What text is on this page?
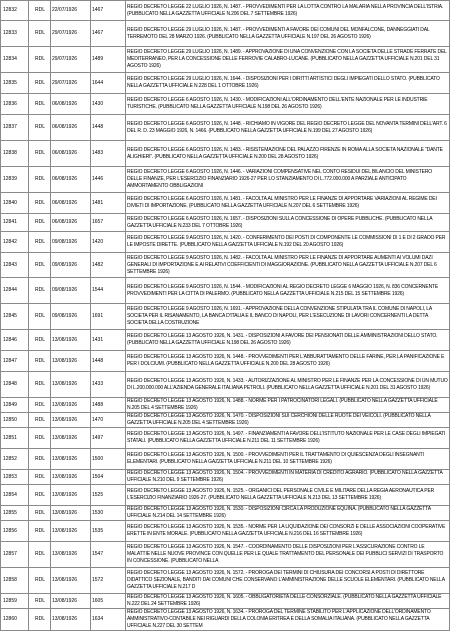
12832	RDL	22/07/1926	1467	REGIO DECRETO LEGGE 22 LUGLIO 1926, N. 1487. - PROVVEDIMENTI PER LA LOTTA CONTRO LA MALARIA NELLA PROVINCIA DELL'ISTRIA. (PUBBLICATO NELLA GAZZETTA UFFICIALE N.206 DEL 7 SETTEMBRE 1926)
12833	RDL	29/07/1926	1467	REGIO DECRETO LEGGE 29 LUGLIO 1926, N. 1487. - PROVVEDIMENTI A FAVORE DEI COMUNI DEL MONFALCONE, DANNEGGIATI DAL TERREMOTO DEL 28 MARZO 1926. (PUBBLICATO NELLA GAZZETTA UFFICIALE N.197 DEL 26 AGOSTO 1926)
12834	RDL	29/07/1926	1489	REGIO DECRETO LEGGE 29 LUGLIO 1926, N. 1489. - APPROVAZIONE DI UNA CONVENZIONE CON LA SOCIETA DELLE STRADE FERRATE DEL MEDITERRANEO, PER LA CONCESSIONE DELLE FERROVIE CALABRO-LUCANE. (PUBBLICATO NELLA GAZZETTA UFFICIALE N.201 DEL 31 AGOSTO 1926)
12835	RDL	29/07/1926	1644	REGIO DECRETO LEGGE 29 LUGLIO 1926, N. 1644. - DISPOSIZIONI PER I DIRITTI ARTISTICI DEGLI IMPIEGATI DELLO STATO. (PUBBLICATO NELLA GAZZETTA UFFICIALE N.228 DEL 1 OTTOBRE 1926)
12836	RDL	06/08/1926	1430	REGIO DECRETO LEGGE 6 AGOSTO 1926, N. 1430. - MODIFICAZIONI ALL'ORDINAMENTO DELL'ENTE NAZIONALE PER LE INDUSTRIE TURISTICHE. (PUBBLICATO NELLA GAZZETTA UFFICIALE N.198 DEL 26 AGOSTO 1926)
12837	RDL	06/08/1926	1448	REGIO DECRETO LEGGE 6 AGOSTO 1926, N. 1448. - RICHIAMO IN VIGORE DEL REGIO DECRETO LEGGE DEL NOVANTA TERMINI DELL'ART. 6 DEL R. D. 23 MAGGIO 1926, N. 1466. (PUBBLICATO NELLA GAZZETTA UFFICIALE N.199 DEL 27 AGOSTO 1926)
12838	RDL	06/08/1926	1483	REGIO DECRETO LEGGE 6 AGOSTO 1926, N. 1483. - RISISTEMAZIONE DEL PALAZZO FIRENZE IN ROMA ALLA SOCIETA NAZIONALE "DANTE ALIGHIERI". (PUBBLICATO NELLA GAZZETTA UFFICIALE N.200 DEL 28 AGOSTO 1926)
12839	RDL	06/08/1926	1446	REGIO DECRETO LEGGE 6 AGOSTO 1926, N. 1446. - VARIAZIONI COMPENSATIVE NEL CONTO RESIDUI DEL BILANCIO DEL MINISTERO DELLE FINANZE, PER L'ESERCIZIO FINANZIARIO 1926-27 PER LO STANZIAMENTO DI L.772.000.000 A PARZIALE ANTICIPATO AMMORTAMENTO OBBLIGAZIONI
12840	RDL	06/08/1926	1481	REGIO DECRETO LEGGE 6 AGOSTO 1926, N. 1481. - FACOLTA AL MINISTRO PER LE FINANZE DI APPORTARE VARIAZIONI AL REGIME DEI DIVIETI DI IMPORTAZIONE. (PUBBLICATO NELLA GAZZETTA UFFICIALE N.207 DEL 6 SETTEMBRE 1926)
12841	RDL	06/08/1926	1657	REGIO DECRETO LEGGE 6 AGOSTO 1926, N. 1657. - DISPOSIZIONI SULLA CONCESSIONE DI OPERE PUBBLICHE. (PUBBLICATO NELLA GAZZETTA UFFICIALE N.233 DEL 7 OTTOBRE 1926)
12842	RDL	09/08/1926	1420	REGIO DECRETO LEGGE 9 AGOSTO 1926, N. 1420. - CONFERIMENTO DEI POSTI DI COMPONENTE LE COMMISSIONI DI 1 E DI 2 GRADO PER LE IMPOSTE DIRETTE. (PUBBLICATO NELLA GAZZETTA UFFICIALE N.192 DEL 20 AGOSTO 1926)
12843	RDL	09/08/1926	1482	REGIO DECRETO LEGGE 9 AGOSTO 1926, N. 1482. - FACOLTA AL MINISTRO PER LE FINANZE DI APPORTARE AUMENTI AI VOLUMI DAZI GENERALI DI IMPORTAZIONE E AI RELATIVI COEFFICIENTI DI MAGGIORAZIONE. (PUBBLICATO NELLA GAZZETTA UFFICIALE N.207 DEL 6 SETTEMBRE 1926)
12844	RDL	09/08/1926	1544	REGIO DECRETO LEGGE 9 AGOSTO 1926, N. 1544. - MODIFICAZIONI AL REGIO DECRETO LEGGE 6 MAGGIO 1926, N. 836 CONCERNENTE PROVVEDIMENTI PER LA CITTA DI PALERMO. (PUBBLICATO NELLA GAZZETTA UFFICIALE N.215 DEL 15 SETTEMBRE 1926)
12845	RDL	09/08/1926	1691	REGIO DECRETO LEGGE 9 AGOSTO 1926, N. 1691. - APPROVAZIONE DELLA CONVENZIONE STIPULATA TRA IL COMUNE DI NAPOLI, LA SOCIETA PER IL RISANAMENTO, LA BANCA D'ITALIA E IL BANCO DI NAPOLI, PER L'ESECUZIONE DI LAVORI CONCERNENTI LA DETTA SOCIETA DELLA COSTRUZIONE
12846	RDL	13/08/1926	1431	REGIO DECRETO LEGGE 13 AGOSTO 1926, N. 1431. - DISPOSIZIONI A FAVORE DEI PENSIONATI DELLE AMMINISTRAZIONI DELLO STATO. (PUBBLICATO NELLA GAZZETTA UFFICIALE N.198 DEL 26 AGOSTO 1926)
12847	RDL	13/08/1926	1448	REGIO DECRETO LEGGE 13 AGOSTO 1926, N. 1448. - PROVVEDIMENTI PER L'ABBURATTAMENTO DELLE FARINE, PER LA PANIFICAZIONE E PER I DOLCIUMI. (PUBBLICATO NELLA GAZZETTA UFFICIALE N.200 DEL 28 AGOSTO 1926)
12848	RDL	13/08/1926	1433	REGIO DECRETO LEGGE 13 AGOSTO 1926, N. 1433. - AUTORIZZAZIONE AL MINISTRO PER LE FINANZE PER LA CONCESSIONE DI UN MUTUO DI L.200.000.000 ALL'AZIENDA GENERALE ITALIANA PETROLI. (PUBBLICATO NELLA GAZZETTA UFFICIALE N.201 DEL 31 AGOSTO 1926)
12849	RDL	13/08/1926	1488	REGIO DECRETO LEGGE 13 AGOSTO 1926, N. 1488. - NORME PER I PATROCINATORI LEGALI. (PUBBLICATO NELLA GAZZETTA UFFICIALE N.205 DEL 4 SETTEMBRE 1926)
12850	RDL	13/08/1926	1470	REGIO DECRETO LEGGE 13 AGOSTO 1926, N. 1470. - DISPOSIZIONI SUI CERCHIONI DELLE RUOTE DEI VEICOLI. (PUBBLICATO NELLA GAZZETTA UFFICIALE N.205 DEL 4 SETTEMBRE 1926)
12851	RDL	13/08/1926	1497	REGIO DECRETO LEGGE 13 AGOSTO 1926, N. 1497. - FINANZIAMENTI A FAVORE DELL'ISTITUTO NAZIONALE PER LE CASE DEGLI IMPIEGATI STATALI. (PUBBLICATO NELLA GAZZETTA UFFICIALE N.211 DEL 11 SETTEMBRE 1926)
12852	RDL	13/08/1926	1500	REGIO DECRETO LEGGE 13 AGOSTO 1926, N. 1500. - PROVVEDIMENTI PER IL TRATTAMENTO DI QUIESCENZA DEGLI INSEGNANTI ELEMENTARI. (PUBBLICATO NELLA GAZZETTA UFFICIALE N.211 DEL 10 SETTEMBRE 1926)
12853	RDL	13/08/1926	1504	REGIO DECRETO LEGGE 13 AGOSTO 1926, N. 1504. - PROVVEDIMENTI IN MATERIA DI CREDITO AGRARIO. (PUBBLICATO NELLA GAZZETTA UFFICIALE N.210 DEL 9 SETTEMBRE 1926)
12854	RDL	13/08/1926	1525	REGIO DECRETO LEGGE 13 AGOSTO 1926, N. 1525. - ORGANICI DEL PERSONALE CIVILE E MILITARE DELLA REGIA AERONAUTICA PER L'ESERCIZIO FINANZIARIO 1926-27. (PUBBLICATO NELLA GAZZETTA UFFICIALE N.213 DEL 13 SETTEMBRE 1926)
12855	RDL	13/08/1926	1530	REGIO DECRETO LEGGE 13 AGOSTO 1926, N. 1530. - DISPOSIZIONI CIRCA LA PRODUZIONE EQUINA. (PUBBLICATO NELLA GAZZETTA UFFICIALE N.214 DEL 14 SETTEMBRE 1926)
12856	RDL	13/08/1926	1535	REGIO DECRETO LEGGE 13 AGOSTO 1926, N. 1535. - NORME PER LA LIQUIDAZIONE DEI CONSORZI E DELLE ASSOCIAZIONI COOPERATIVE ERETTE IN ENTE MORALE. (PUBBLICATO NELLA GAZZETTA UFFICIALE N.216 DEL 16 SETTEMBRE 1926)
12857	RDL	13/08/1926	1547	REGIO DECRETO LEGGE 13 AGOSTO 1926, N. 1547. - COORDINAMENTO DELLE DISPOSIZIONI PER L'ASSICURAZIONE CONTRO LE MALATTIE NELLE NUOVE PROVINCE CON QUELLE PER LE QUALE TRATTAMENTO DEL PERSONALE DEI PUBBLICI SERVIZI DI TRASPORTO IN CONCESSIONE. (PUBBLICATO NELLA
12858	RDL	13/08/1926	1572	REGIO DECRETO LEGGE 13 AGOSTO 1926, N. 1572. - PROROGA DEI TERMINI DI CHIUSURA DEI CONCORSI A POSTI DI DIRETTORE DIDATTICO SEZIONALE, BANDITI DAI COMUNI CHE CONSERVANO L'AMMINISTRAZIONE DELLE SCUOLE ELEMENTARI. (PUBBLICATO NELLA GAZZETTA UFFICIALE N.217 D
12859	RDL	13/08/1926	1605	REGIO DECRETO LEGGE 13 AGOSTO 1926, N. 1605. - OBBLIGATORIETA DELLE CONSORZIALE. (PUBBLICATO NELLA GAZZETTA UFFICIALE N.222 DEL 24 SETTEMBRE 1926)
12860	RDL	13/08/1926	1634	REGIO DECRETO LEGGE 13 AGOSTO 1926, N. 1634. - PROROGA DEL TERMINE STABILITO PER L'APPLICAZIONE DELL'ORDINAMENTO AMMINISTRATIVO-CONTABILE NEI RIGUARDI DELLA COLONIA ERITREA E DELLA SOMALIA ITALIANA. (PUBBLICATO NELLA GAZZETTA UFFICIALE N.227 DEL 30 SETTEM
